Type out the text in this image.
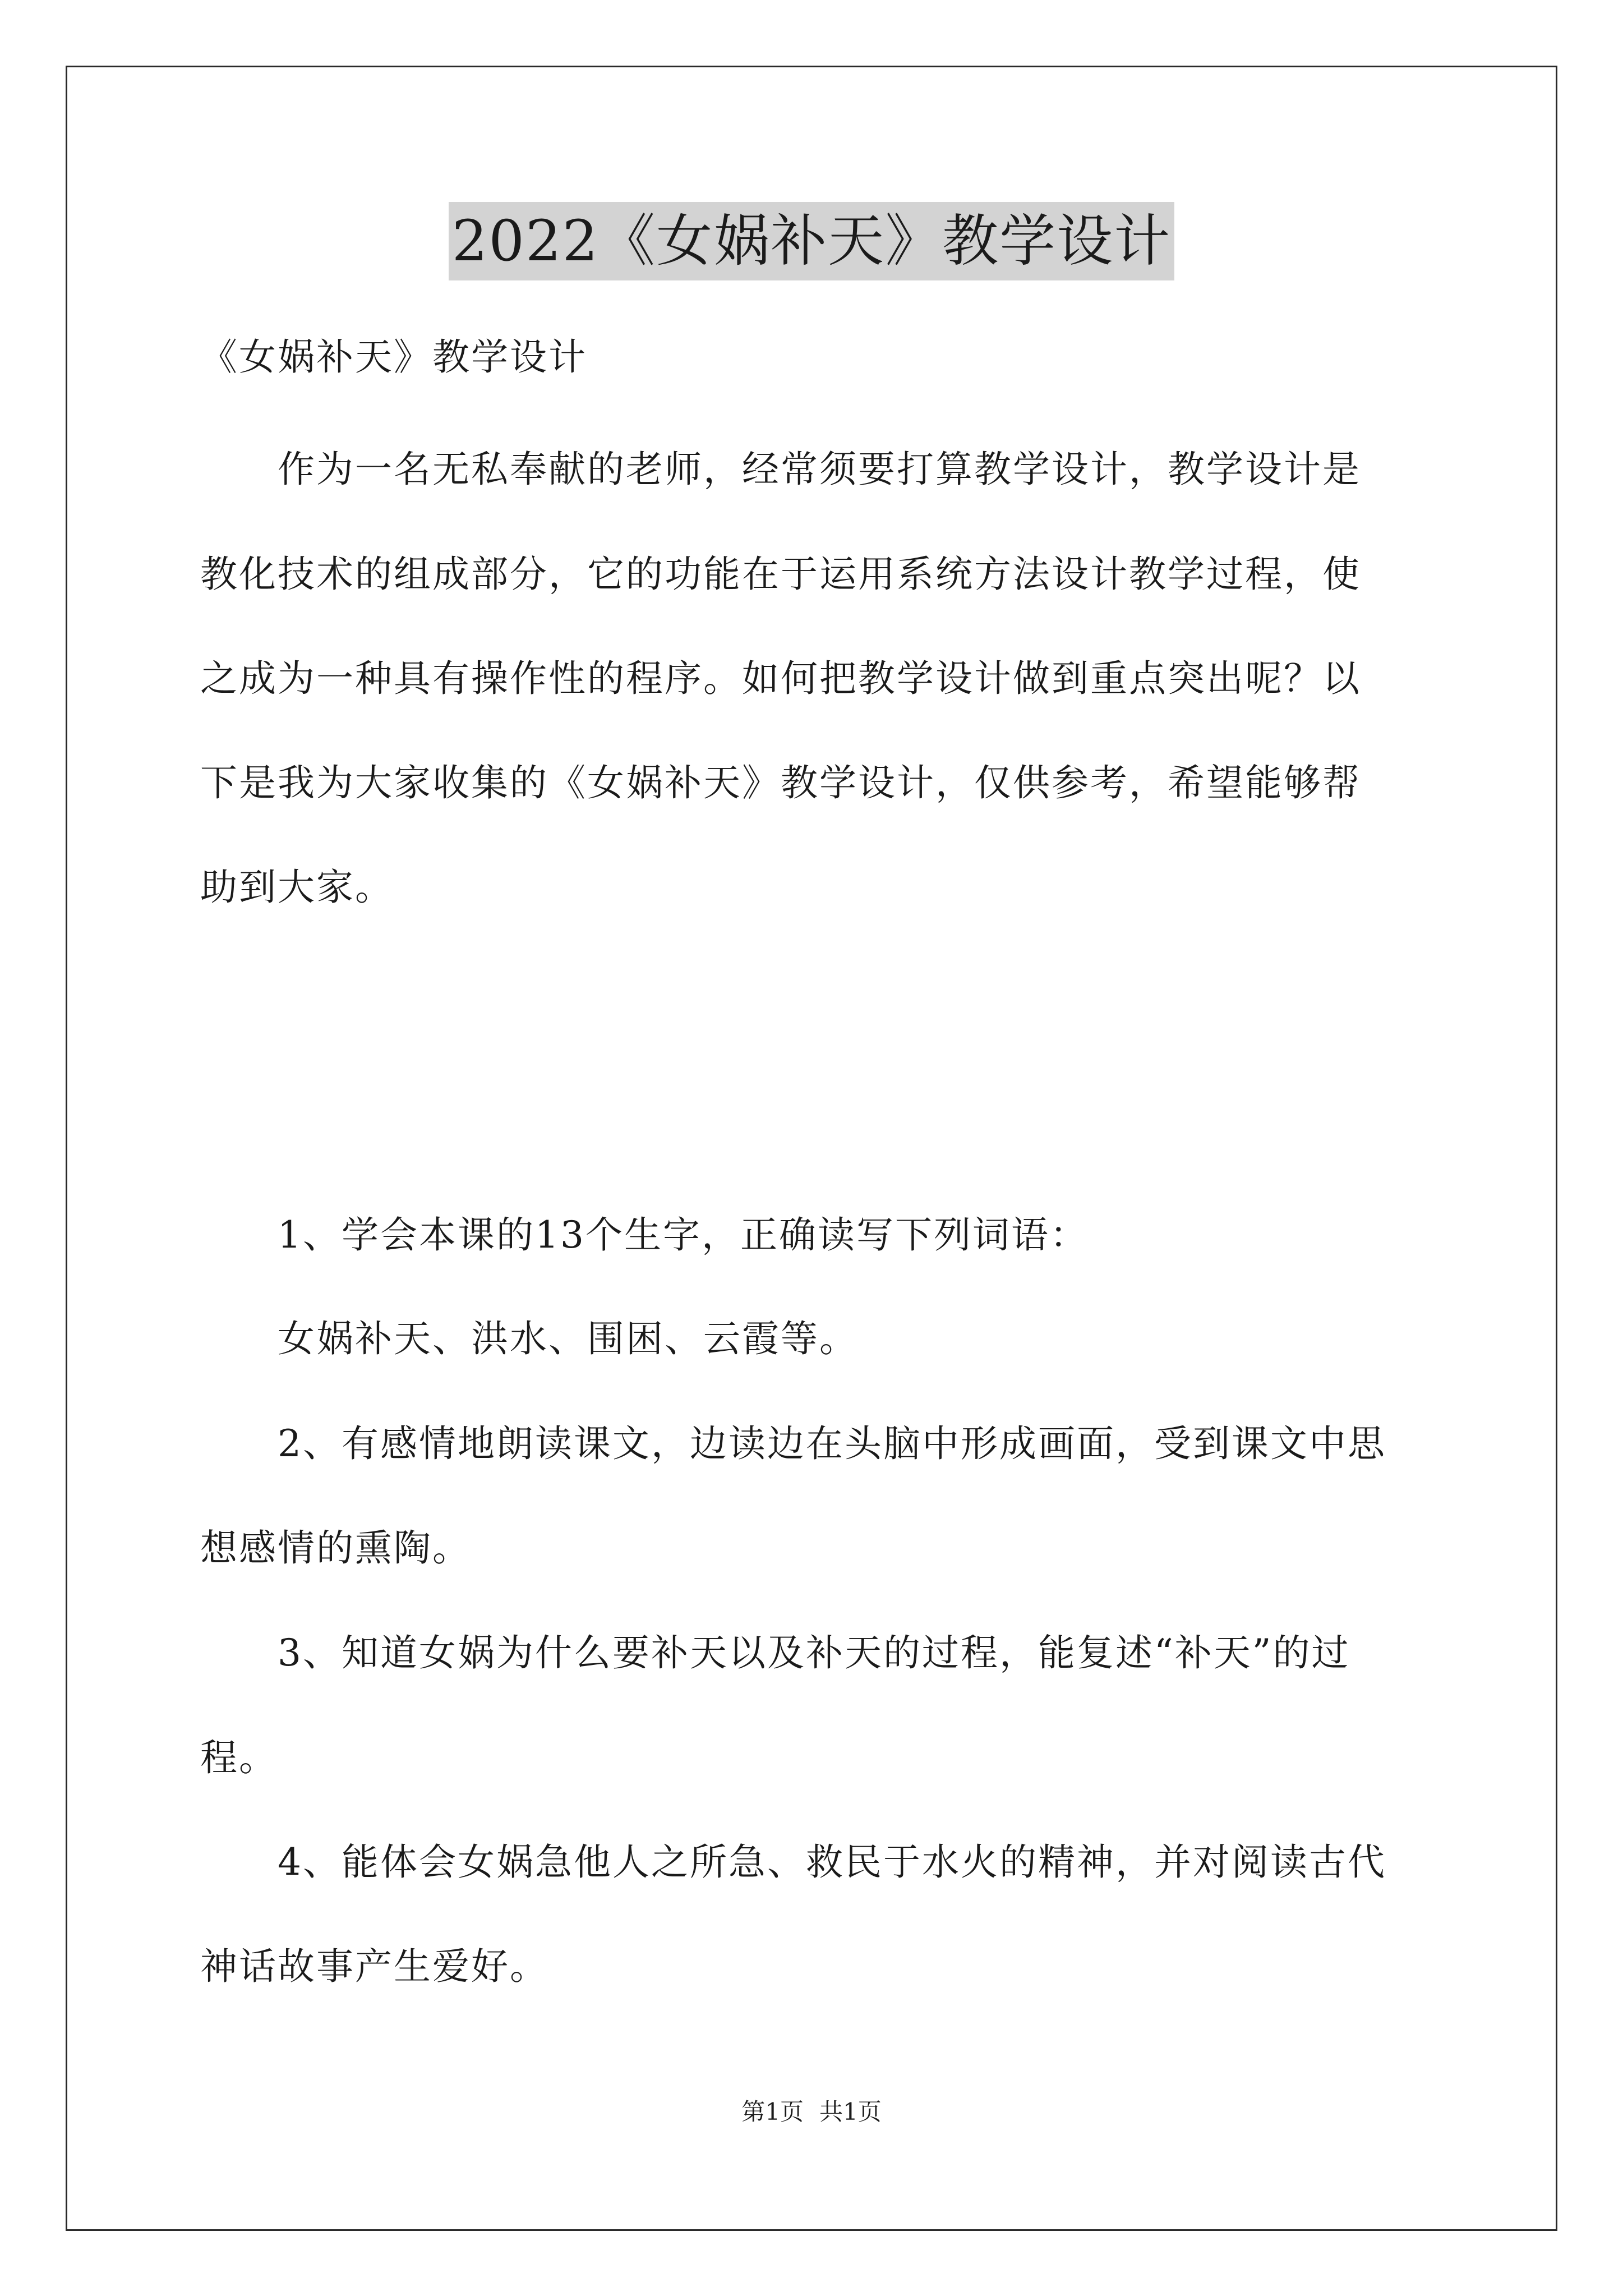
2022《女娲补天》教学设计
《女娲补天》教学设计
作为一名无私奉献的老师，经常须要打算教学设计，教学设计是
教化技术的组成部分，它的功能在于运用系统方法设计教学过程，使
之成为一种具有操作性的程序。如何把教学设计做到重点突出呢？以
下是我为大家收集的《女娲补天》教学设计，仅供参考，希望能够帮
助到大家。
1、学会本课的13个生字，正确读写下列词语：
女娲补天、洪水、围困、云霞等。
2、有感情地朗读课文，边读边在头脑中形成画面，受到课文中思
想感情的熏陶。
3、知道女娲为什么要补天以及补天的过程，能复述“补天”的过
程。
4、能体会女娲急他人之所急、救民于水火的精神，并对阅读古代
神话故事产生爱好。
第1页 共1页
